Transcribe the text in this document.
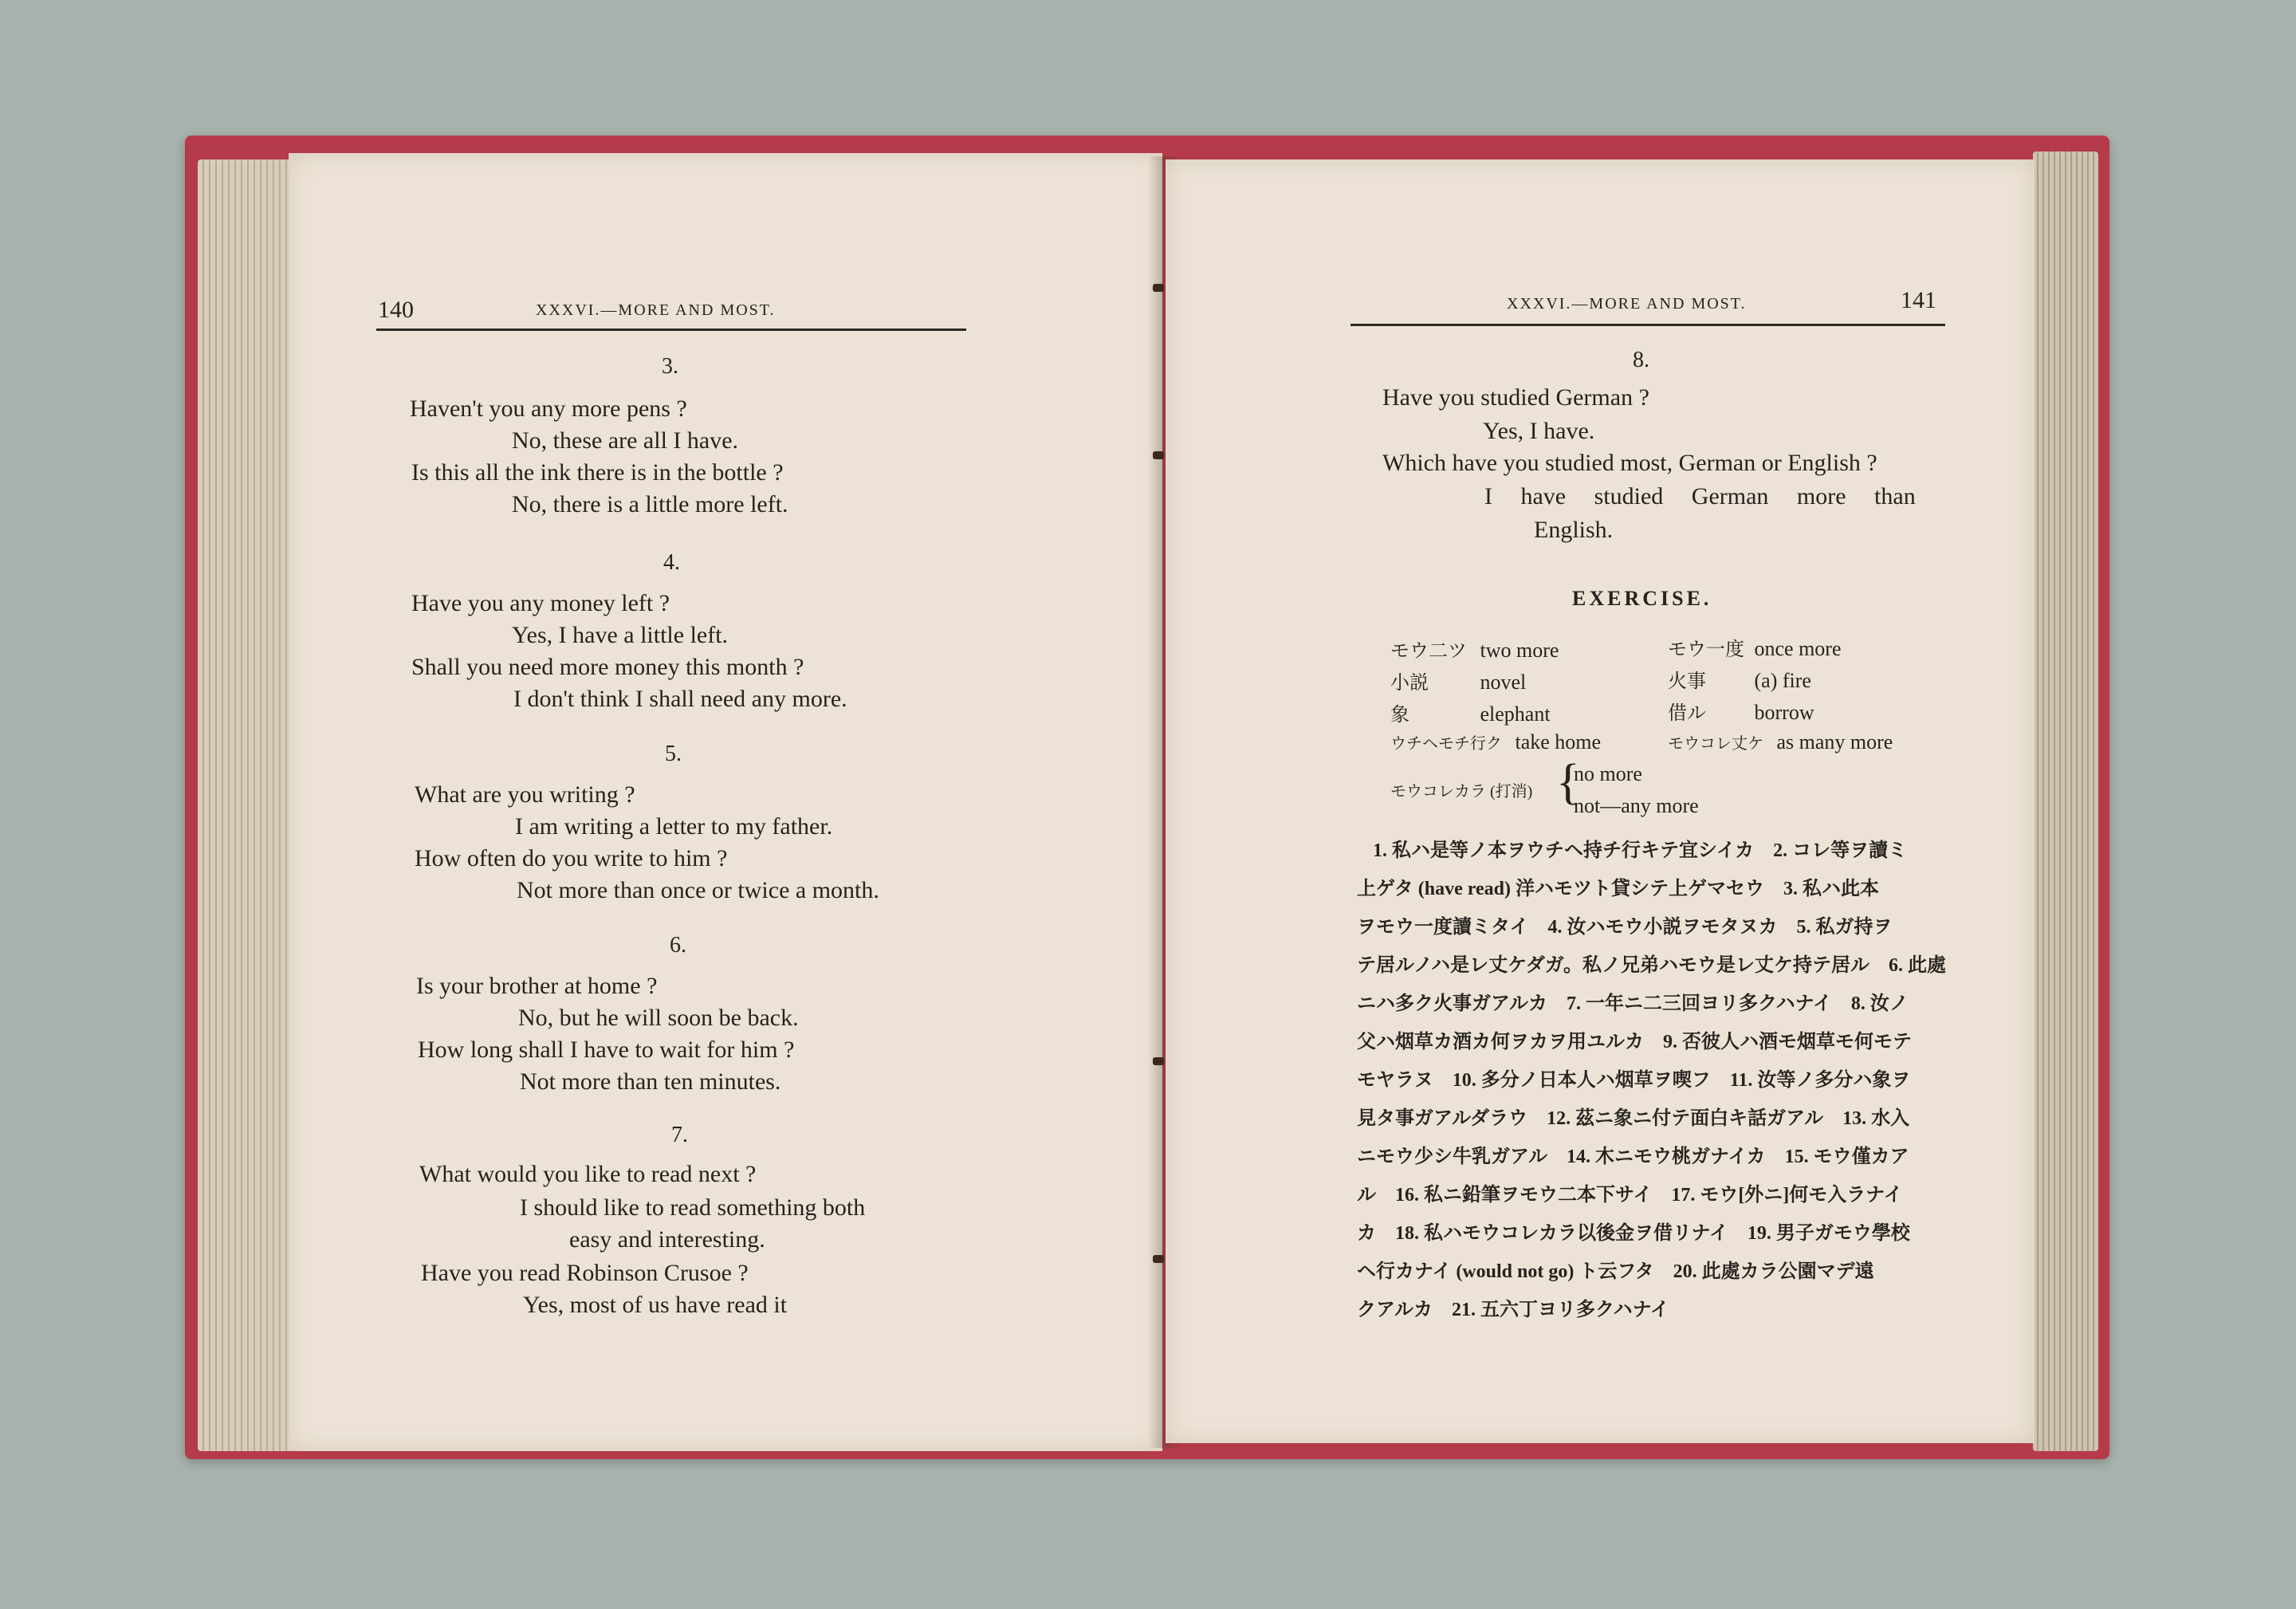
140	XXXVI.—MORE AND MOST.
3.
Haven't you any more pens ?
No, these are all I have.
Is this all the ink there is in the bottle ?
No, there is a little more left.
4.
Have you any money left ?
Yes, I have a little left.
Shall you need more money this month ?
I don't think I shall need any more.
5.
What are you writing ?
I am writing a letter to my father.
How often do you write to him ?
Not more than once or twice a month.
6.
Is your brother at home ?
No, but he will soon be back.
How long shall I have to wait for him ?
Not more than ten minutes.
7.
What would you like to read next ?
I should like to read something both
easy and interesting.
Have you read Robinson Crusoe ?
Yes, most of us have read it
XXXVI.—MORE AND MOST.	141
8.
Have you studied German ?
Yes, I have.
Which have you studied most, German or English ?
I have studied German more than
English.
EXERCISE.
モウ二ツ two more	モウ一度 once more
小説 novel	火事 (a) fire
象	elephant	借ル borrow
ウチヘモチ行ク take home	モウコレ丈ケ as many more
モウコレカラ (打消) {
no more
not—any more
1. 私ハ是等ノ本ヲウチヘ持チ行キテ宜シイカ　2. コレ等ヲ讀ミ
上ゲタ (have read) 洋ハモツト貸シテ上ゲマセウ　3. 私ハ此本
ヲモウ一度讀ミタイ　4. 汝ハモウ小説ヲモタヌカ　5. 私ガ持ヲ
テ居ルノハ是レ丈ケダガ。私ノ兄弟ハモウ是レ丈ケ持テ居ル　6. 此處
ニハ多ク火事ガアルカ　7. 一年ニ二三回ヨリ多クハナイ　8. 汝ノ
父ハ烟草カ酒カ何ヲカヲ用ユルカ　9. 否彼人ハ酒モ烟草モ何モテ
モヤラヌ　10. 多分ノ日本人ハ烟草ヲ喫フ　11. 汝等ノ多分ハ象ヲ
見タ事ガアルダラウ　12. 茲ニ象ニ付テ面白キ話ガアル　13. 水入
ニモウ少シ牛乳ガアル　14. 木ニモウ桃ガナイカ　15. モウ僅カア
ル　16. 私ニ鉛筆ヲモウ二本下サイ　17. モウ[外ニ]何モ入ラナイ
カ　18. 私ハモウコレカラ以後金ヲ借リナイ　19. 男子ガモウ學校
ヘ行カナイ (would not go) ト云フタ　20. 此處カラ公園マデ遠
クアルカ　21. 五六丁ヨリ多クハナイ
